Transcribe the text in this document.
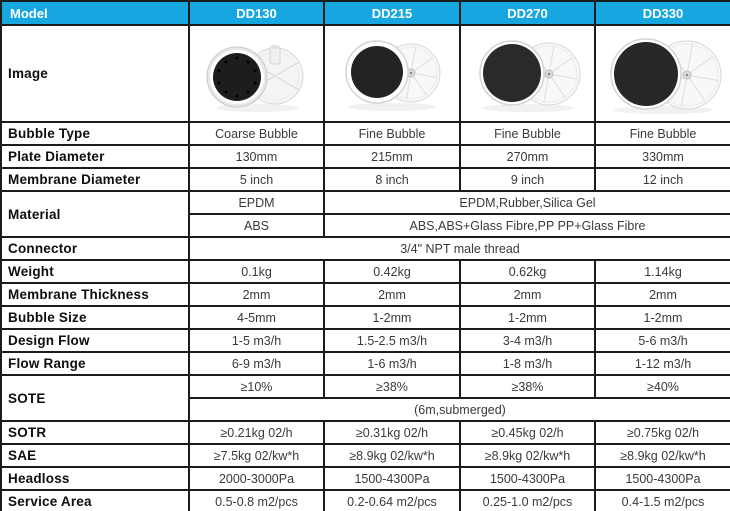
Model	DD130	DD215	DD270	DD330
Image	

Bubble Type	Coarse Bubble	Fine Bubble	Fine Bubble	Fine Bubble
Plate Diameter	130mm	215mm	270mm	330mm
Membrane Diameter	5 inch	8 inch	9 inch	12 inch
Material	EPDM	EPDM,Rubber,Silica Gel		
	ABS	ABS,ABS+Glass Fibre,PP PP+Glass Fibre		
Connector	3/4" NPT male thread			
Weight	0.1kg	0.42kg	0.62kg	1.14kg
Membrane Thickness	2mm	2mm	2mm	2mm
Bubble Size	4-5mm	1-2mm	1-2mm	1-2mm
Design Flow	1-5 m3/h	1.5-2.5 m3/h	3-4 m3/h	5-6 m3/h
Flow Range	6-9 m3/h	1-6 m3/h	1-8 m3/h	1-12 m3/h
SOTE	≥10%	≥38%	≥38%	≥40%
	(6m,submerged)			
SOTR	≥0.21kg 02/h	≥0.31kg 02/h	≥0.45kg 02/h	≥0.75kg 02/h
SAE	≥7.5kg 02/kw*h	≥8.9kg 02/kw*h	≥8.9kg 02/kw*h	≥8.9kg 02/kw*h
Headloss	2000-3000Pa	1500-4300Pa	1500-4300Pa	1500-4300Pa
Service Area	0.5-0.8 m2/pcs	0.2-0.64 m2/pcs	0.25-1.0 m2/pcs	0.4-1.5 m2/pcs
